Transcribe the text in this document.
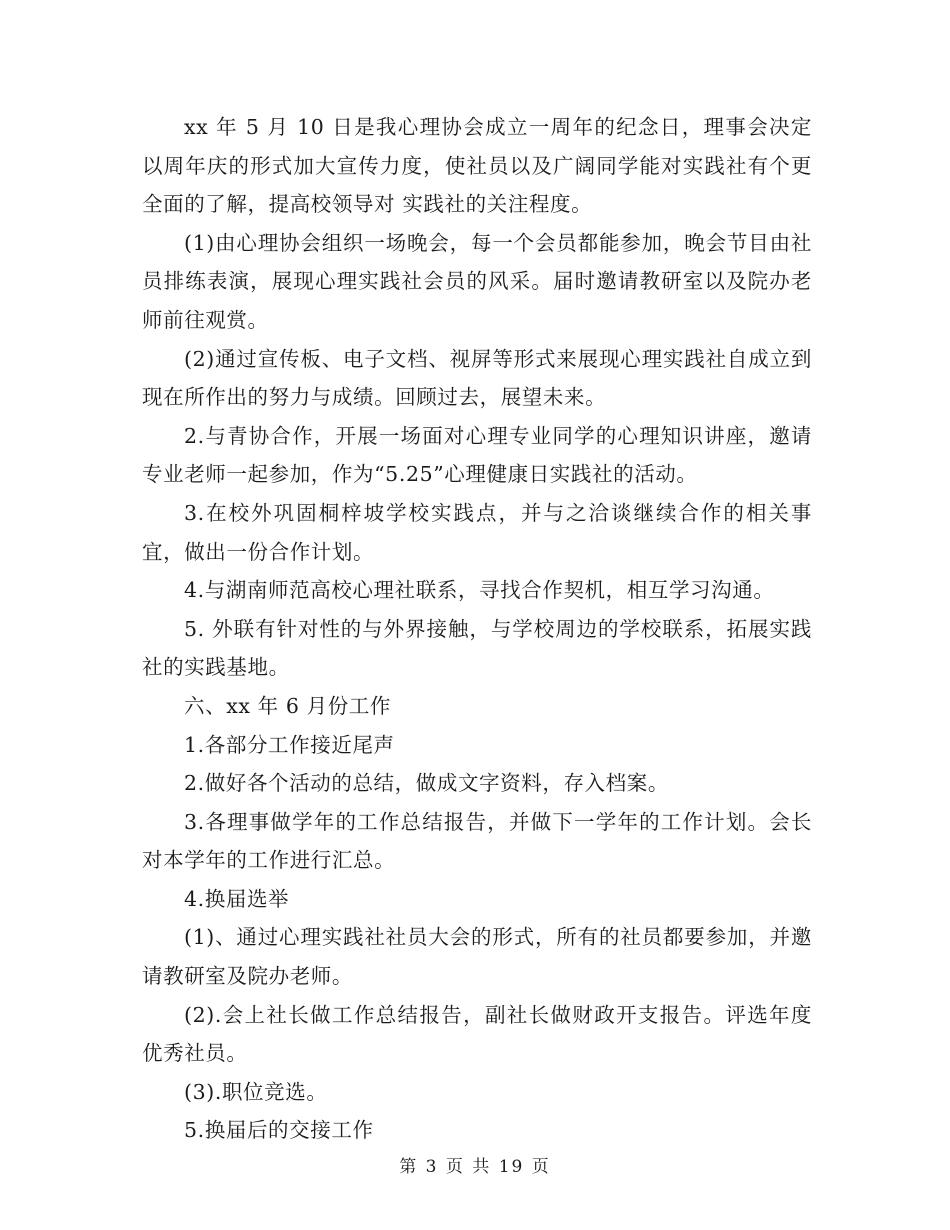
xx 年 5 月 10 日是我心理协会成立一周年的纪念日，理事会决定以周年庆的形式加大宣传力度，使社员以及广阔同学能对实践社有个更全面的了解，提高校领导对 实践社的关注程度。

(1)由心理协会组织一场晚会，每一个会员都能参加，晚会节目由社员排练表演，展现心理实践社会员的风采。届时邀请教研室以及院办老师前往观赏。

(2)通过宣传板、电子文档、视屏等形式来展现心理实践社自成立到现在所作出的努力与成绩。回顾过去，展望未来。

2.与青协合作，开展一场面对心理专业同学的心理知识讲座，邀请专业老师一起参加，作为“5.25”心理健康日实践社的活动。

3.在校外巩固桐梓坡学校实践点，并与之洽谈继续合作的相关事宜，做出一份合作计划。

4.与湖南师范高校心理社联系，寻找合作契机，相互学习沟通。

5. 外联有针对性的与外界接触，与学校周边的学校联系，拓展实践社的实践基地。

六、xx 年 6 月份工作

1.各部分工作接近尾声

2.做好各个活动的总结，做成文字资料，存入档案。

3.各理事做学年的工作总结报告，并做下一学年的工作计划。会长对本学年的工作进行汇总。

4.换届选举

(1)、通过心理实践社社员大会的形式，所有的社员都要参加，并邀请教研室及院办老师。

(2).会上社长做工作总结报告，副社长做财政开支报告。评选年度优秀社员。

(3).职位竞选。

5.换届后的交接工作

第 3 页 共 19 页
